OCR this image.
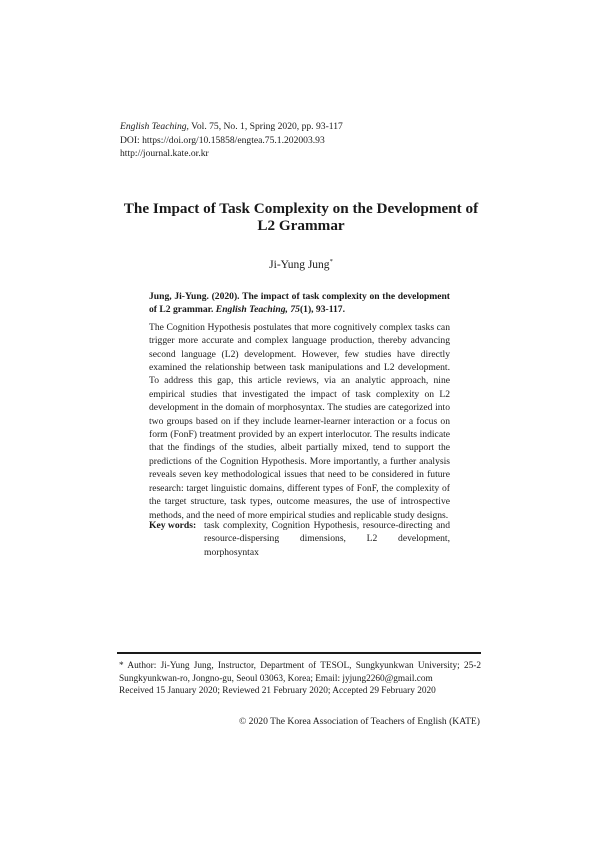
English Teaching, Vol. 75, No. 1, Spring 2020, pp. 93-117
DOI: https://doi.org/10.15858/engtea.75.1.202003.93
http://journal.kate.or.kr
The Impact of Task Complexity on the Development of
L2 Grammar
Ji-Yung Jung*
Jung, Ji-Yung. (2020). The impact of task complexity on the development of L2 grammar. English Teaching, 75(1), 93-117.
The Cognition Hypothesis postulates that more cognitively complex tasks can trigger more accurate and complex language production, thereby advancing second language (L2) development. However, few studies have directly examined the relationship between task manipulations and L2 development. To address this gap, this article reviews, via an analytic approach, nine empirical studies that investigated the impact of task complexity on L2 development in the domain of morphosyntax. The studies are categorized into two groups based on if they include learner-learner interaction or a focus on form (FonF) treatment provided by an expert interlocutor. The results indicate that the findings of the studies, albeit partially mixed, tend to support the predictions of the Cognition Hypothesis. More importantly, a further analysis reveals seven key methodological issues that need to be considered in future research: target linguistic domains, different types of FonF, the complexity of the target structure, task types, outcome measures, the use of introspective methods, and the need of more empirical studies and replicable study designs.
Key words: task complexity, Cognition Hypothesis, resource-directing and resource-dispersing dimensions, L2 development, morphosyntax
* Author: Ji-Yung Jung, Instructor, Department of TESOL, Sungkyunkwan University; 25-2 Sungkyunkwan-ro, Jongno-gu, Seoul 03063, Korea; Email: jyjung2260@gmail.com
Received 15 January 2020; Reviewed 21 February 2020; Accepted 29 February 2020
© 2020 The Korea Association of Teachers of English (KATE)
